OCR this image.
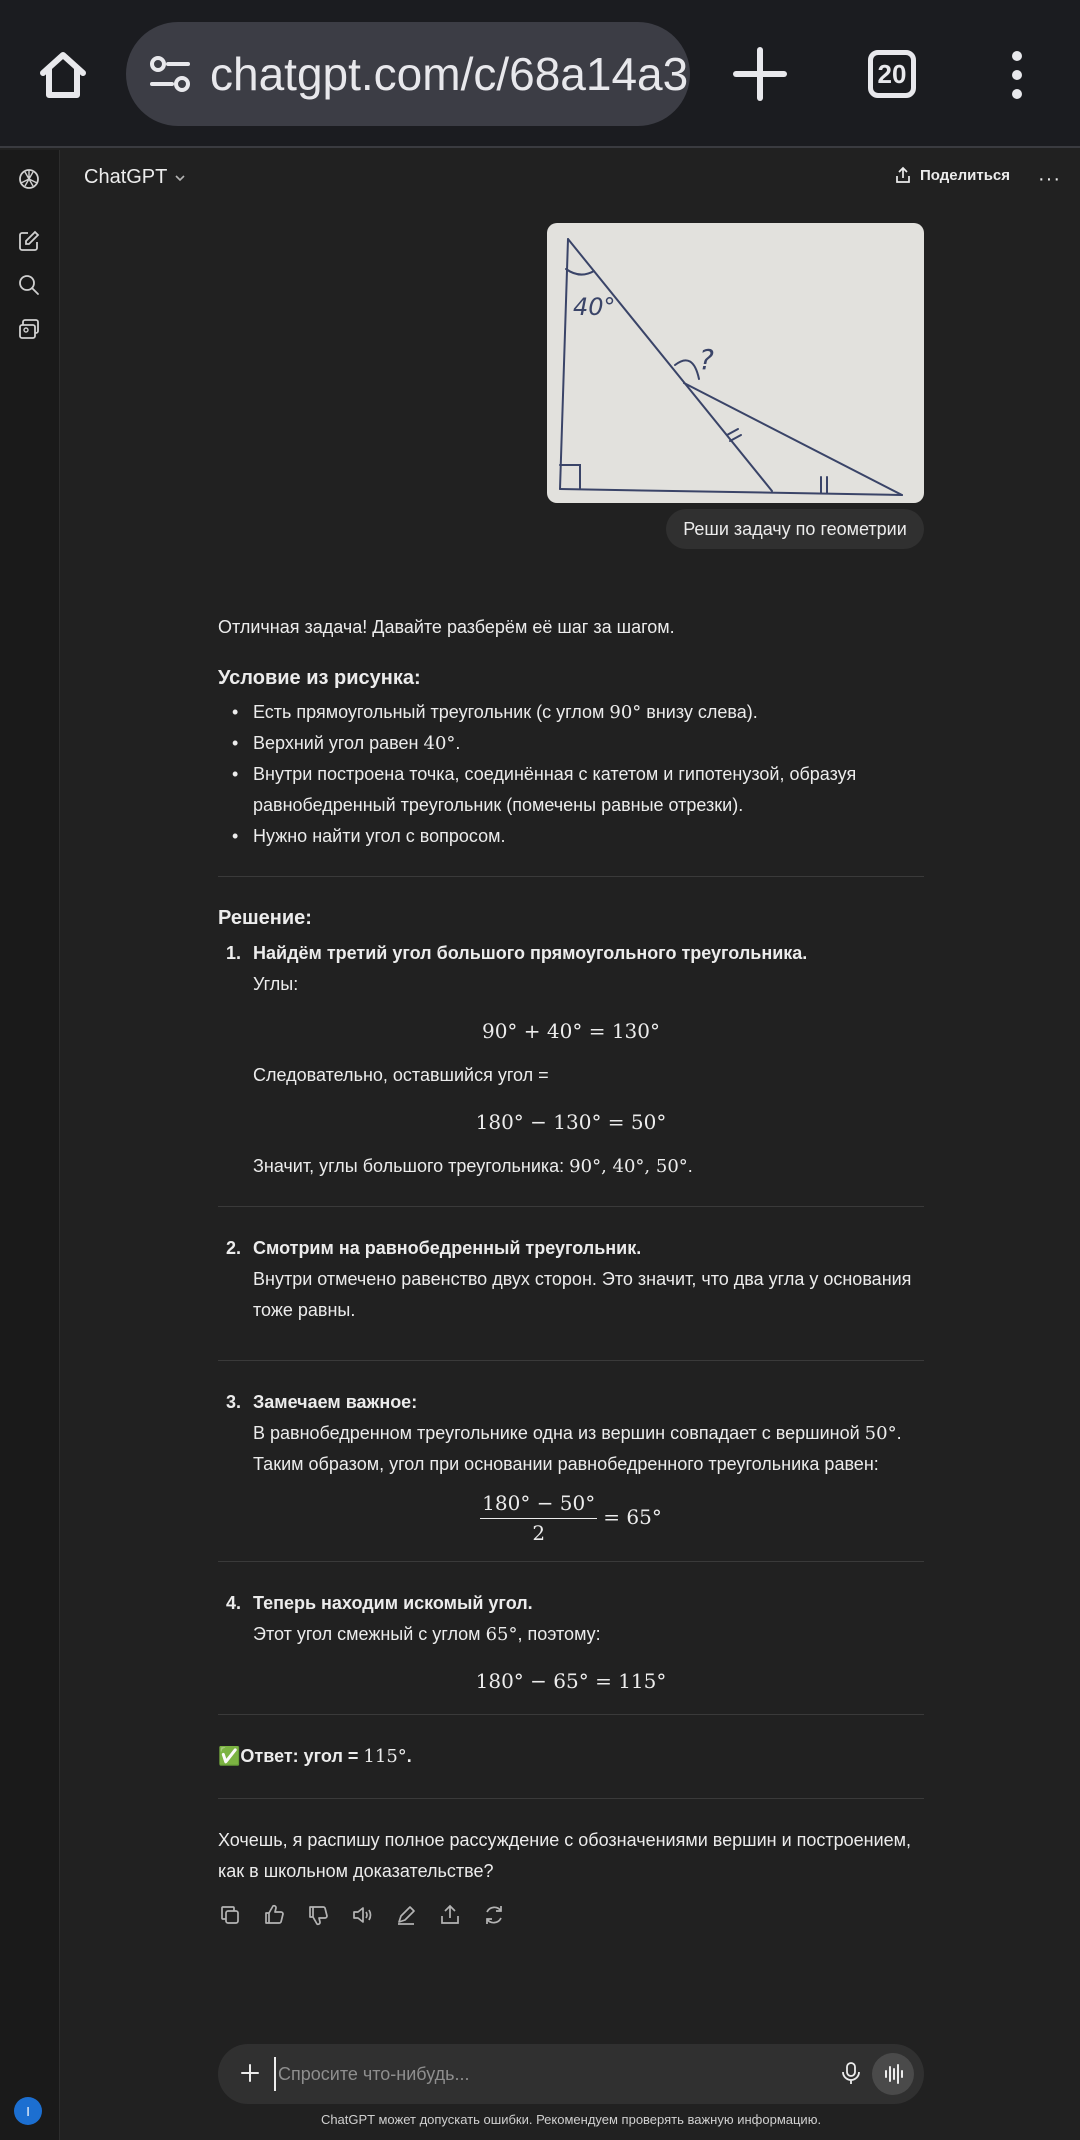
chatgpt.com/c/68a14a3	20
I
ChatGPT	Поделиться ···
40°
?
Реши задачу по геометрии

Отличная задача! Давайте разберём её шаг за шагом.

Условие из рисунка:
• Есть прямоугольный треугольник (с углом 90° внизу слева).
• Верхний угол равен 40°.
• Внутри построена точка, соединённая с катетом и гипотенузой, образуя равнобедренный треугольник (помечены равные отрезки).
• Нужно найти угол с вопросом.
Решение:
1. Найдём третий угол большого прямоугольного треугольника.
Углы:
90° + 40° = 130°
Следовательно, оставшийся угол =
180° − 130° = 50°
Значит, углы большого треугольника: 90°, 40°, 50°.
2. Смотрим на равнобедренный треугольник.
Внутри отмечено равенство двух сторон. Это значит, что два угла у основания тоже равны.
3. Замечаем важное:
В равнобедренном треугольнике одна из вершин совпадает с вершиной 50°.
Таким образом, угол при основании равнобедренного треугольника равен:
$\frac{180^\circ - 50^\circ}{2} = 65^\circ$
4. Теперь находим искомый угол.
Этот угол смежный с углом 65°, поэтому:
180° − 65° = 115°
✅Ответ: угол = 115°.

Хочешь, я распишу полное рассуждение с обозначениями вершин и построением, как в школьном доказательстве?

Спросите что-нибудь...
ChatGPT может допускать ошибки. Рекомендуем проверять важную информацию.
